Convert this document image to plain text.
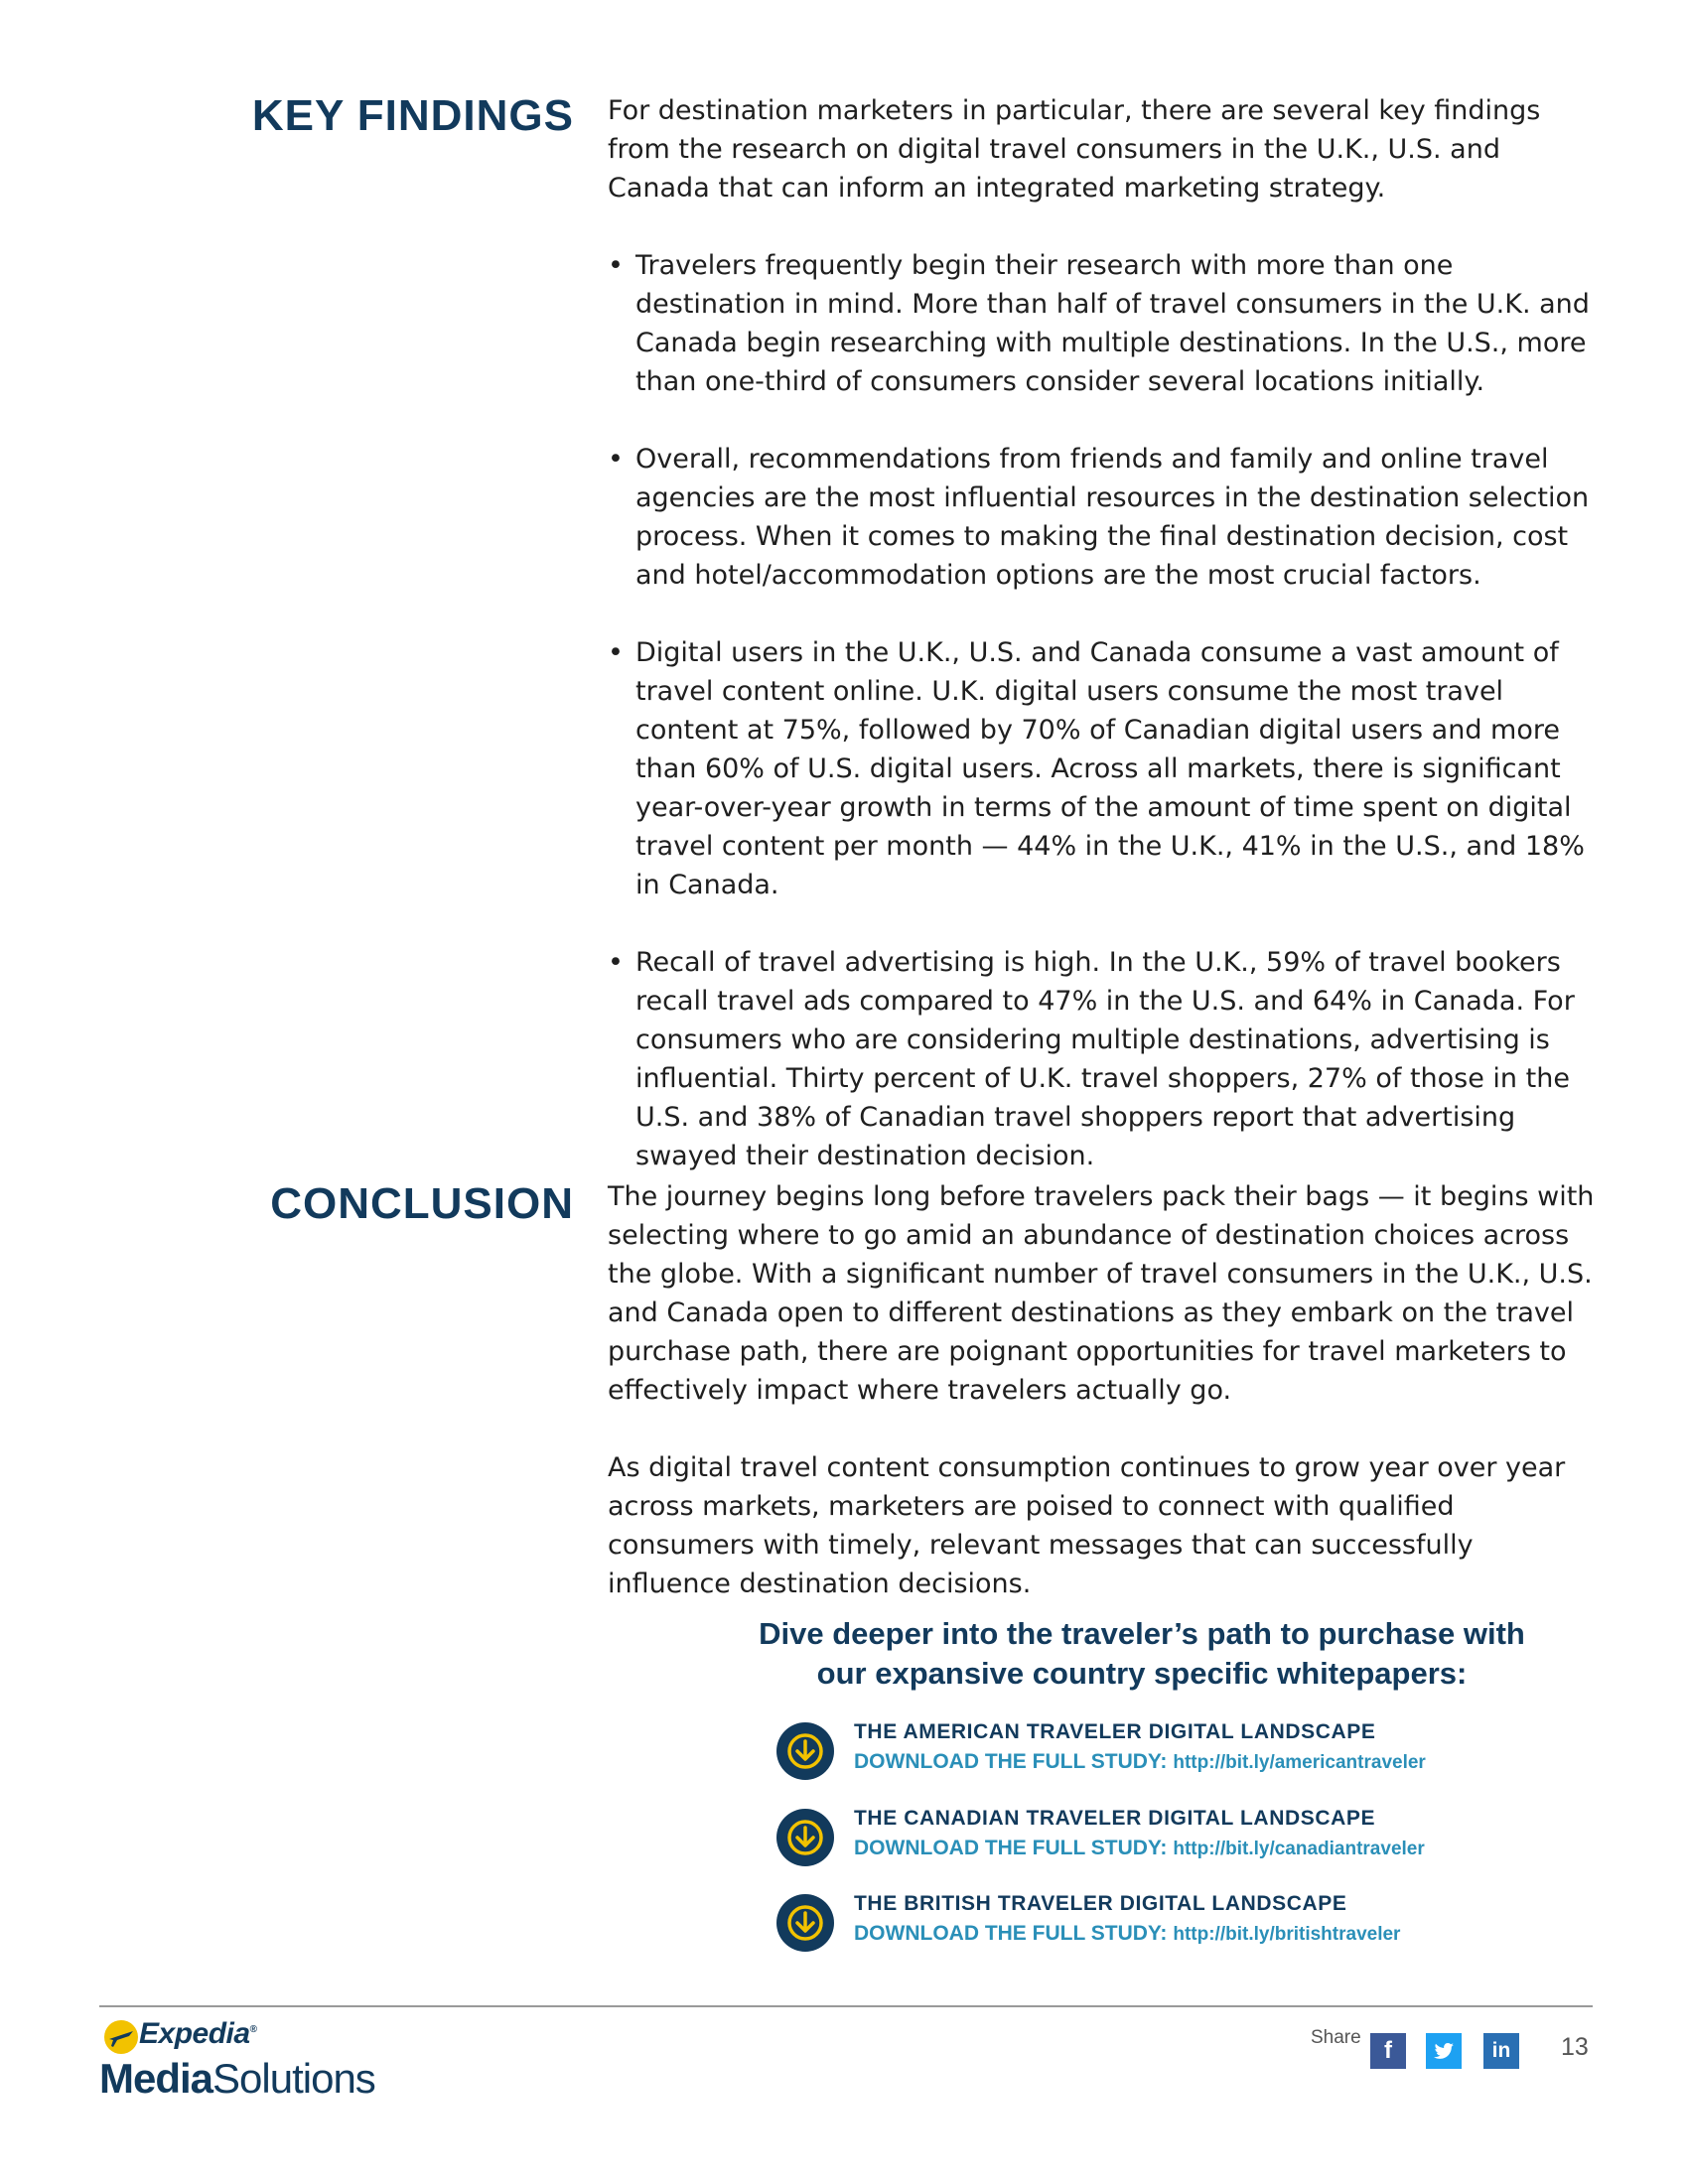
KEY FINDINGS For destination marketers in particular, there are several key findings from the research on digital travel consumers in the U.K., U.S. and Canada that can inform an integrated marketing strategy.

• Travelers frequently begin their research with more than one destination in mind. More than half of travel consumers in the U.K. and Canada begin researching with multiple destinations. In the U.S., more than one-third of consumers consider several locations initially.
• Overall, recommendations from friends and family and online travel agencies are the most influential resources in the destination selection process. When it comes to making the final destination decision, cost and hotel/accommodation options are the most crucial factors.
• Digital users in the U.K., U.S. and Canada consume a vast amount of travel content online. U.K. digital users consume the most travel content at 75%, followed by 70% of Canadian digital users and more than 60% of U.S. digital users. Across all markets, there is significant year-over-year growth in terms of the amount of time spent on digital travel content per month — 44% in the U.K., 41% in the U.S., and 18% in Canada.
• Recall of travel advertising is high. In the U.K., 59% of travel bookers recall travel ads compared to 47% in the U.S. and 64% in Canada. For consumers who are considering multiple destinations, advertising is influential. Thirty percent of U.K. travel shoppers, 27% of those in the U.S. and 38% of Canadian travel shoppers report that advertising swayed their destination decision.
CONCLUSION The journey begins long before travelers pack their bags — it begins with selecting where to go amid an abundance of destination choices across the globe. With a significant number of travel consumers in the U.K., U.S. and Canada open to different destinations as they embark on the travel purchase path, there are poignant opportunities for travel marketers to effectively impact where travelers actually go.

As digital travel content consumption continues to grow year over year across markets, marketers are poised to connect with qualified consumers with timely, relevant messages that can successfully influence destination decisions.

Dive deeper into the traveler’s path to purchase with
our expansive country specific whitepapers:
THE AMERICAN TRAVELER DIGITAL LANDSCAPE
DOWNLOAD THE FULL STUDY: http://bit.ly/americantraveler
THE CANADIAN TRAVELER DIGITAL LANDSCAPE
DOWNLOAD THE FULL STUDY: http://bit.ly/canadiantraveler
THE BRITISH TRAVELER DIGITAL LANDSCAPE
DOWNLOAD THE FULL STUDY: http://bit.ly/britishtraveler
Expedia®
MediaSolutions
Share f	in 13
